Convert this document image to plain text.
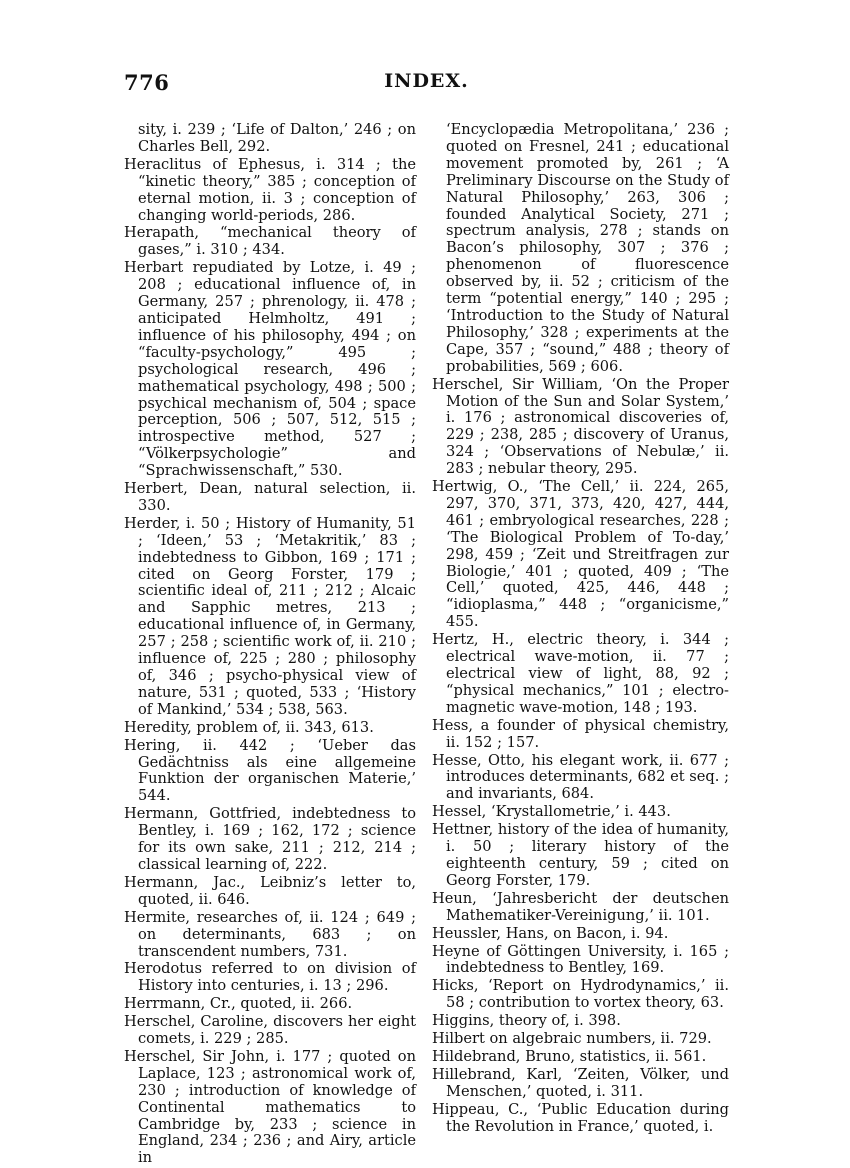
776	INDEX.

sity, i. 239 ; ‘Life of Dalton,’ 246 ; on Charles Bell, 292.

Heraclitus of Ephesus, i. 314 ; the “kinetic theory,” 385 ; conception of eternal motion, ii. 3 ; conception of changing world-periods, 286.

Herapath, “mechanical theory of gases,” i. 310 ; 434.

Herbart repudiated by Lotze, i. 49 ; 208 ; educational influence of, in Germany, 257 ; phrenology, ii. 478 ; anticipated Helmholtz, 491 ; influence of his philosophy, 494 ; on “faculty-psychology,” 495 ; psychological research, 496 ; mathematical psychology, 498 ; 500 ; psychical mechanism of, 504 ; space perception, 506 ; 507, 512, 515 ; introspective method, 527 ; “Völkerpsychologie” and “Sprachwissenschaft,” 530.

Herbert, Dean, natural selection, ii. 330.

Herder, i. 50 ; History of Humanity, 51 ; ‘Ideen,’ 53 ; ‘Metakritik,’ 83 ; indebtedness to Gibbon, 169 ; 171 ; cited on Georg Forster, 179 ; scientific ideal of, 211 ; 212 ; Alcaic and Sapphic metres, 213 ; educational influence of, in Germany, 257 ; 258 ; scientific work of, ii. 210 ; influence of, 225 ; 280 ; philosophy of, 346 ; psycho-physical view of nature, 531 ; quoted, 533 ; ‘History of Mankind,’ 534 ; 538, 563.

Heredity, problem of, ii. 343, 613.

Hering, ii. 442 ; ‘Ueber das Gedächtniss als eine allgemeine Funktion der organischen Materie,’ 544.

Hermann, Gottfried, indebtedness to Bentley, i. 169 ; 162, 172 ; science for its own sake, 211 ; 212, 214 ; classical learning of, 222.

Hermann, Jac., Leibniz’s letter to, quoted, ii. 646.

Hermite, researches of, ii. 124 ; 649 ; on determinants, 683 ; on transcendent numbers, 731.

Herodotus referred to on division of History into centuries, i. 13 ; 296.

Herrmann, Cr., quoted, ii. 266.

Herschel, Caroline, discovers her eight comets, i. 229 ; 285.

Herschel, Sir John, i. 177 ; quoted on Laplace, 123 ; astronomical work of, 230 ; introduction of knowledge of Continental mathematics to Cambridge by, 233 ; science in England, 234 ; 236 ; and Airy, article in

‘Encyclopædia Metropolitana,’ 236 ; quoted on Fresnel, 241 ; educational movement promoted by, 261 ; ‘A Preliminary Discourse on the Study of Natural Philosophy,’ 263, 306 ; founded Analytical Society, 271 ; spectrum analysis, 278 ; stands on Bacon’s philosophy, 307 ; 376 ; phenomenon of fluorescence observed by, ii. 52 ; criticism of the term “potential energy,” 140 ; 295 ; ‘Introduction to the Study of Natural Philosophy,’ 328 ; experiments at the Cape, 357 ; “sound,” 488 ; theory of probabilities, 569 ; 606.

Herschel, Sir William, ‘On the Proper Motion of the Sun and Solar System,’ i. 176 ; astronomical discoveries of, 229 ; 238, 285 ; discovery of Uranus, 324 ; ‘Observations of Nebulæ,’ ii. 283 ; nebular theory, 295.

Hertwig, O., ‘The Cell,’ ii. 224, 265, 297, 370, 371, 373, 420, 427, 444, 461 ; embryological researches, 228 ; ‘The Biological Problem of To-day,’ 298, 459 ; ‘Zeit und Streitfragen zur Biologie,’ 401 ; quoted, 409 ; ‘The Cell,’ quoted, 425, 446, 448 ; “idioplasma,” 448 ; “organicisme,” 455.

Hertz, H., electric theory, i. 344 ; electrical wave-motion, ii. 77 ; electrical view of light, 88, 92 ; “physical mechanics,” 101 ; electro-magnetic wave-motion, 148 ; 193.

Hess, a founder of physical chemistry, ii. 152 ; 157.

Hesse, Otto, his elegant work, ii. 677 ; introduces determinants, 682 et seq. ; and invariants, 684.

Hessel, ‘Krystallometrie,’ i. 443.

Hettner, history of the idea of humanity, i. 50 ; literary history of the eighteenth century, 59 ; cited on Georg Forster, 179.

Heun, ‘Jahresbericht der deutschen Mathematiker-Vereinigung,’ ii. 101.

Heussler, Hans, on Bacon, i. 94.

Heyne of Göttingen University, i. 165 ; indebtedness to Bentley, 169.

Hicks, ‘Report on Hydrodynamics,’ ii. 58 ; contribution to vortex theory, 63.

Higgins, theory of, i. 398.

Hilbert on algebraic numbers, ii. 729.

Hildebrand, Bruno, statistics, ii. 561.

Hillebrand, Karl, ‘Zeiten, Völker, und Menschen,’ quoted, i. 311.

Hippeau, C., ‘Public Education during the Revolution in France,’ quoted, i.
